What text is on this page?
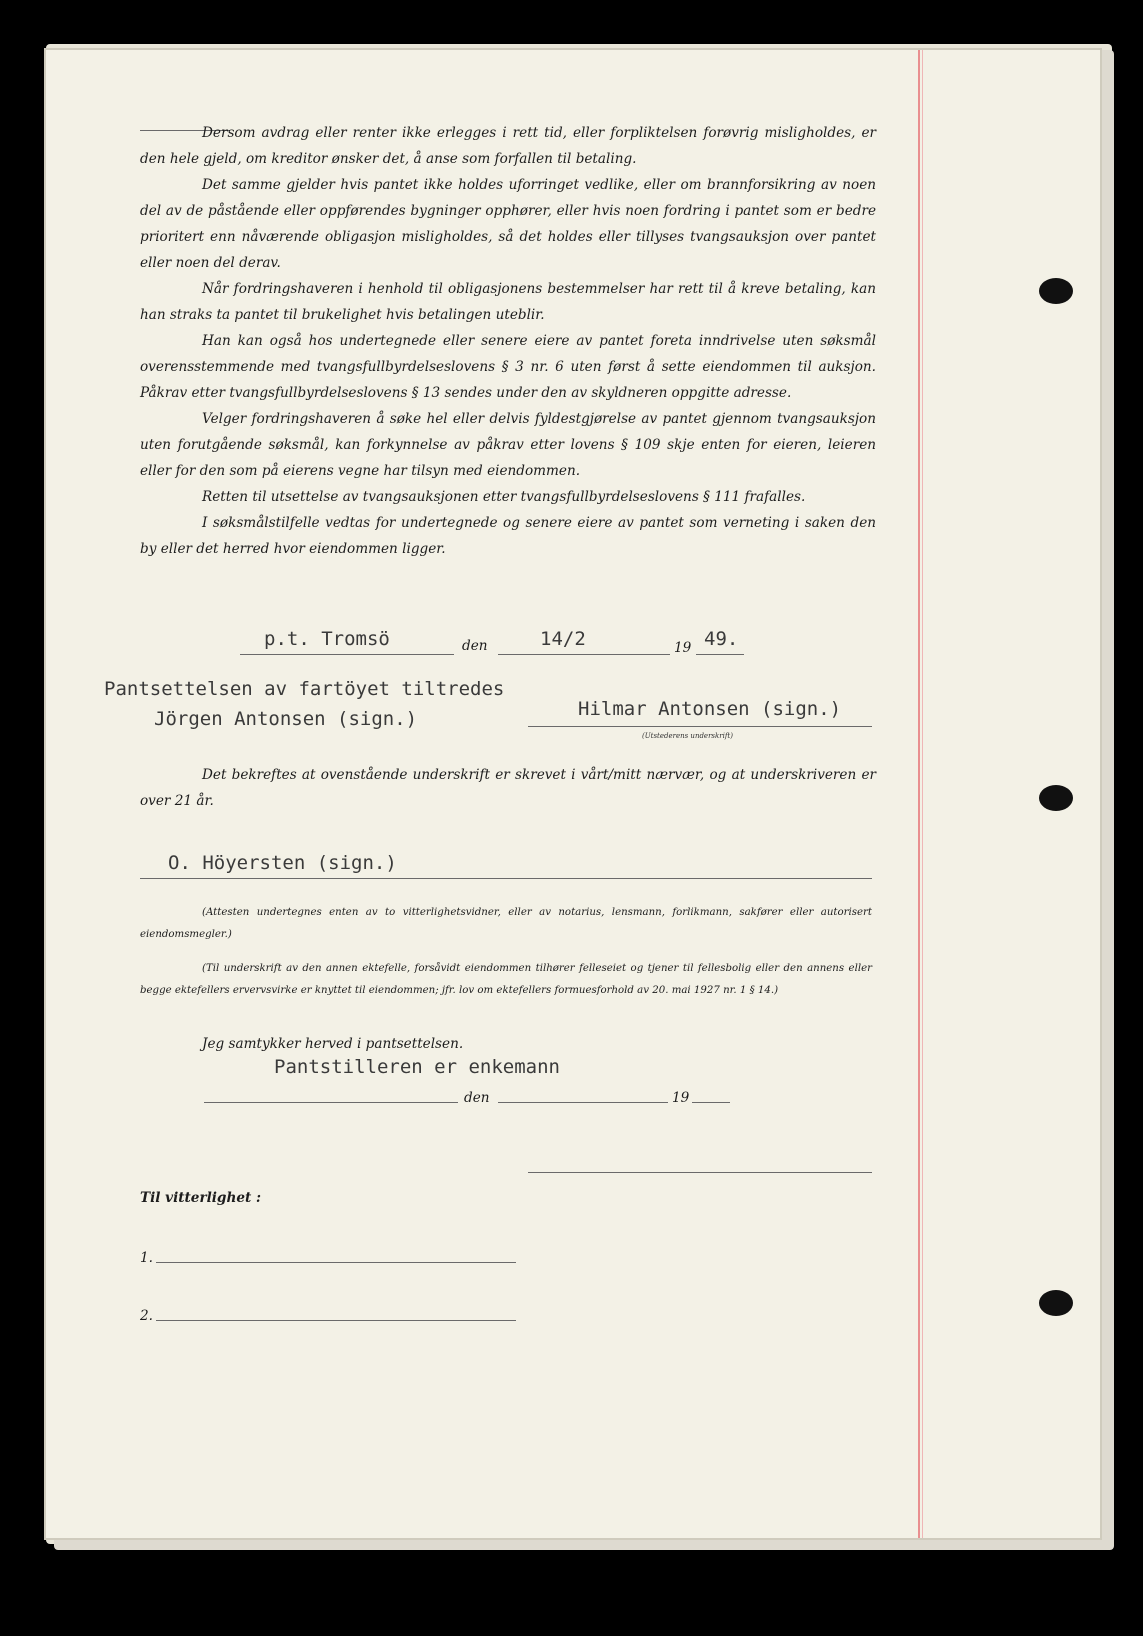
Dersom avdrag eller renter ikke erlegges i rett tid, eller forpliktelsen forøvrig misligholdes, er den hele gjeld, om kreditor ønsker det, å anse som forfallen til betaling.

Det samme gjelder hvis pantet ikke holdes uforringet vedlike, eller om brannforsikring av noen del av de påstående eller oppførendes bygninger opphører, eller hvis noen fordring i pantet som er bedre prioritert enn nåværende obligasjon misligholdes, så det holdes eller tillyses tvangsauksjon over pantet eller noen del derav.

Når fordringshaveren i henhold til obligasjonens bestemmelser har rett til å kreve betaling, kan han straks ta pantet til brukelighet hvis betalingen uteblir.

Han kan også hos undertegnede eller senere eiere av pantet foreta inndrivelse uten søksmål overensstemmende med tvangsfullbyrdelseslovens § 3 nr. 6 uten først å sette eiendommen til auksjon. Påkrav etter tvangsfullbyrdelseslovens § 13 sendes under den av skyldneren oppgitte adresse.

Velger fordringshaveren å søke hel eller delvis fyldestgjørelse av pantet gjennom tvangsauksjon uten forutgående søksmål, kan forkynnelse av påkrav etter lovens § 109 skje enten for eieren, leieren eller for den som på eierens vegne har tilsyn med eiendommen.

Retten til utsettelse av tvangsauksjonen etter tvangsfullbyrdelseslovens § 111 frafalles.

I søksmålstilfelle vedtas for undertegnede og senere eiere av pantet som verneting i saken den by eller det herred hvor eiendommen ligger.

p.t. Tromsö	den	14/2	19 49.
Pantsettelsen av fartöyet tiltredes
Jörgen Antonsen (sign.)	Hilmar Antonsen (sign.)
(Utstederens underskrift)

Det bekreftes at ovenstående underskrift er skrevet i vårt/mitt nærvær, og at underskriveren er over 21 år.

O. Höyersten (sign.)

(Attesten undertegnes enten av to vitterlighetsvidner, eller av notarius, lensmann, forlikmann, sakfører eller autorisert eiendomsmegler.)

(Til underskrift av den annen ektefelle, forsåvidt eiendommen tilhører felleseiet og tjener til fellesbolig eller den annens eller begge ektefellers ervervsvirke er knyttet til eiendommen; jfr. lov om ektefellers formuesforhold av 20. mai 1927 nr. 1 § 14.)

Jeg samtykker herved i pantsettelsen.
Pantstilleren er enkemann
den	19
Til vitterlighet :
1.
2.
